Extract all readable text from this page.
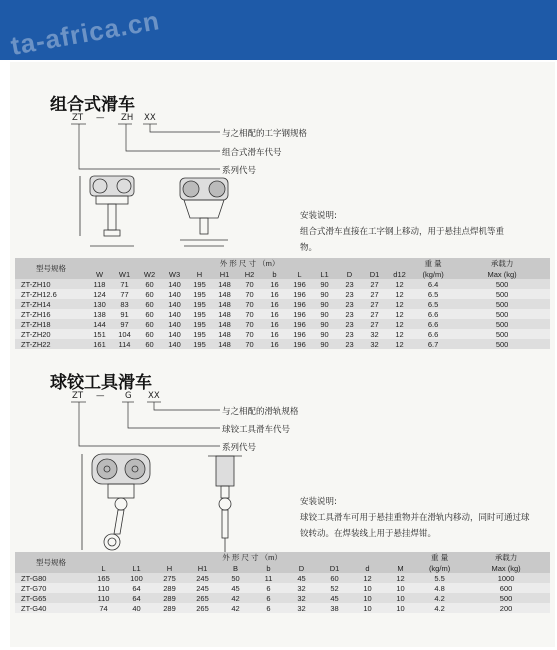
ta-africa.cn
组合式滑车
ZT — ZH XX
与之相配的工字钢规格
组合式滑车代号
系列代号
安装说明:
组合式滑车直接在工字钢上移动，用于悬挂点焊机等重物。
型号规格	外 形 尺 寸 （m）													重 量	承载力
	W	W1	W2	W3	H	H1	H2	b	L	L1	D	D1	d12	(kg/m)	Max (kg)
ZT-ZH10	118	71	60	140	195	148	70	16	196	90	23	27	12	6.4	500
ZT-ZH12.6	124	77	60	140	195	148	70	16	196	90	23	27	12	6.5	500
ZT-ZH14	130	83	60	140	195	148	70	16	196	90	23	27	12	6.5	500
ZT-ZH16	138	91	60	140	195	148	70	16	196	90	23	27	12	6.6	500
ZT-ZH18	144	97	60	140	195	148	70	16	196	90	23	27	12	6.6	500
ZT-ZH20	151	104	60	140	195	148	70	16	196	90	23	32	12	6.6	500
ZT-ZH22	161	114	60	140	195	148	70	16	196	90	23	32	12	6.7	500
球铰工具滑车
ZT — G XX
与之相配的滑轨规格
球铰工具滑车代号
系列代号
安装说明:
球铰工具滑车可用于悬挂重物并在滑轨内移动，同时可通过球铰转动。在焊装线上用于悬挂焊钳。
型号规格	外 形 尺 寸 （m）										重 量	承载力
	L	L1	H	H1	B	b	D	D1	d	M	(kg/m)	Max (kg)
ZT-G80	165	100	275	245	50	11	45	60	12	12	5.5	1000
ZT-G70	110	64	289	245	45	6	32	52	10	10	4.8	600
ZT-G65	110	64	289	265	42	6	32	45	10	10	4.2	500
ZT-G40	74	40	289	265	42	6	32	38	10	10	4.2	200
